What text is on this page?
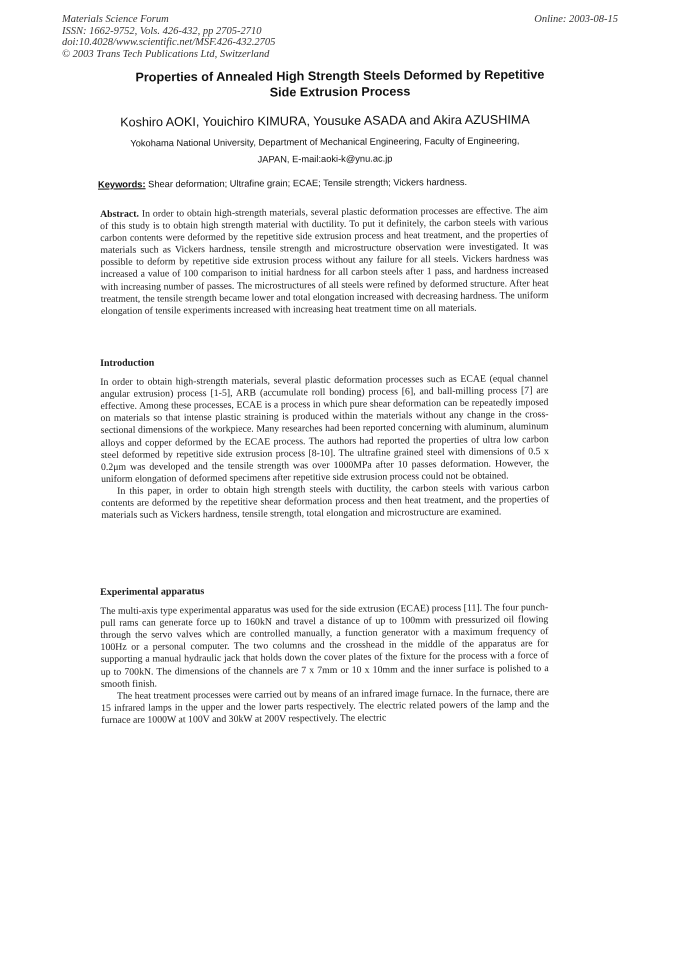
Materials Science Forum
ISSN: 1662-9752, Vols. 426-432, pp 2705-2710
doi:10.4028/www.scientific.net/MSF.426-432.2705
© 2003 Trans Tech Publications Ltd, Switzerland
Online: 2003-08-15
Properties of Annealed High Strength Steels Deformed by Repetitive
Side Extrusion Process
Koshiro AOKI, Youichiro KIMURA, Yousuke ASADA and Akira AZUSHIMA
Yokohama National University, Department of Mechanical Engineering, Faculty of Engineering,
JAPAN, E-mail:aoki-k@ynu.ac.jp
Keywords: Shear deformation; Ultrafine grain; ECAE; Tensile strength; Vickers hardness.

Abstract. In order to obtain high-strength materials, several plastic deformation processes are effective. The aim of this study is to obtain high strength material with ductility. To put it definitely, the carbon steels with various carbon contents were deformed by the repetitive side extrusion process and heat treatment, and the properties of materials such as Vickers hardness, tensile strength and microstructure observation were investigated. It was possible to deform by repetitive side extrusion process without any failure for all steels. Vickers hardness was increased a value of 100 comparison to initial hardness for all carbon steels after 1 pass, and hardness increased with increasing number of passes. The microstructures of all steels were refined by deformed structure. After heat treatment, the tensile strength became lower and total elongation increased with decreasing hardness. The uniform elongation of tensile experiments increased with increasing heat treatment time on all materials.

Introduction

In order to obtain high-strength materials, several plastic deformation processes such as ECAE (equal channel angular extrusion) process [1-5], ARB (accumulate roll bonding) process [6], and ball-milling process [7] are effective. Among these processes, ECAE is a process in which pure shear deformation can be repeatedly imposed on materials so that intense plastic straining is produced within the materials without any change in the cross-sectional dimensions of the workpiece. Many researches had been reported concerning with aluminum, aluminum alloys and copper deformed by the ECAE process. The authors had reported the properties of ultra low carbon steel deformed by repetitive side extrusion process [8-10]. The ultrafine grained steel with dimensions of 0.5 x 0.2μm was developed and the tensile strength was over 1000MPa after 10 passes deformation. However, the uniform elongation of deformed specimens after repetitive side extrusion process could not be obtained.

In this paper, in order to obtain high strength steels with ductility, the carbon steels with various carbon contents are deformed by the repetitive shear deformation process and then heat treatment, and the properties of materials such as Vickers hardness, tensile strength, total elongation and microstructure are examined.

Experimental apparatus

The multi-axis type experimental apparatus was used for the side extrusion (ECAE) process [11]. The four punch-pull rams can generate force up to 160kN and travel a distance of up to 100mm with pressurized oil flowing through the servo valves which are controlled manually, a function generator with a maximum frequency of 100Hz or a personal computer. The two columns and the crosshead in the middle of the apparatus are for supporting a manual hydraulic jack that holds down the cover plates of the fixture for the process with a force of up to 700kN. The dimensions of the channels are 7 x 7mm or 10 x 10mm and the inner surface is polished to a smooth finish.

The heat treatment processes were carried out by means of an infrared image furnace. In the furnace, there are 15 infrared lamps in the upper and the lower parts respectively. The electric related powers of the lamp and the furnace are 1000W at 100V and 30kW at 200V respectively. The electric
